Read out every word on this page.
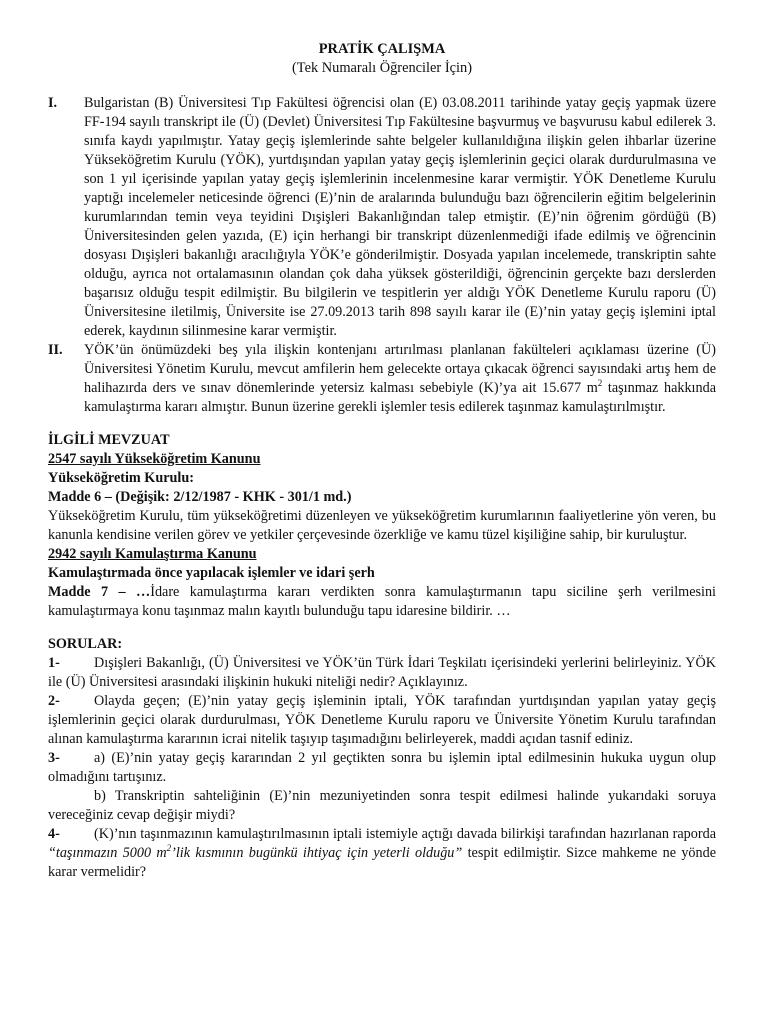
PRATİK ÇALIŞMA
(Tek Numaralı Öğrenciler İçin)
I.	Bulgaristan (B) Üniversitesi Tıp Fakültesi öğrencisi olan (E) 03.08.2011 tarihinde yatay geçiş yapmak üzere FF-194 sayılı transkript ile (Ü) (Devlet) Üniversitesi Tıp Fakültesine başvurmuş ve başvurusu kabul edilerek 3. sınıfa kaydı yapılmıştır. Yatay geçiş işlemlerinde sahte belgeler kullanıldığına ilişkin gelen ihbarlar üzerine Yükseköğretim Kurulu (YÖK), yurtdışından yapılan yatay geçiş işlemlerinin geçici olarak durdurulmasına ve son 1 yıl içerisinde yapılan yatay geçiş işlemlerinin incelenmesine karar vermiştir. YÖK Denetleme Kurulu yaptığı incelemeler neticesinde öğrenci (E)’nin de aralarında bulunduğu bazı öğrencilerin eğitim belgelerinin kurumlarından temin veya teyidini Dışişleri Bakanlığından talep etmiştir. (E)’nin öğrenim gördüğü (B) Üniversitesinden gelen yazıda, (E) için herhangi bir transkript düzenlenmediği ifade edilmiş ve öğrencinin dosyası Dışişleri bakanlığı aracılığıyla YÖK’e gönderilmiştir. Dosyada yapılan incelemede, transkriptin sahte olduğu, ayrıca not ortalamasının olandan çok daha yüksek gösterildiği, öğrencinin gerçekte bazı derslerden başarısız olduğu tespit edilmiştir. Bu bilgilerin ve tespitlerin yer aldığı YÖK Denetleme Kurulu raporu (Ü) Üniversitesine iletilmiş, Üniversite ise 27.09.2013 tarih 898 sayılı karar ile (E)’nin yatay geçiş işlemini iptal ederek, kaydının silinmesine karar vermiştir.
II.	YÖK’ün önümüzdeki beş yıla ilişkin kontenjanı artırılması planlanan fakülteleri açıklaması üzerine (Ü) Üniversitesi Yönetim Kurulu, mevcut amfilerin hem gelecekte ortaya çıkacak öğrenci sayısındaki artış hem de halihazırda ders ve sınav dönemlerinde yetersiz kalması sebebiyle (K)’ya ait 15.677 $m^2$ taşınmaz hakkında kamulaştırma kararı almıştır. Bunun üzerine gerekli işlemler tesis edilerek taşınmaz kamulaştırılmıştır.
İLGİLİ MEVZUAT
2547 sayılı Yükseköğretim Kanunu
Yükseköğretim Kurulu:
Madde 6 – (Değişik: 2/12/1987 - KHK - 301/1 md.)
Yükseköğretim Kurulu, tüm yükseköğretimi düzenleyen ve yükseköğretim kurumlarının faaliyetlerine yön veren, bu kanunla kendisine verilen görev ve yetkiler çerçevesinde özerkliğe ve kamu tüzel kişiliğine sahip, bir kuruluştur.
2942 sayılı Kamulaştırma Kanunu
Kamulaştırmada önce yapılacak işlemler ve idari şerh
Madde 7 – …İdare kamulaştırma kararı verdikten sonra kamulaştırmanın tapu siciline şerh verilmesini kamulaştırmaya konu taşınmaz malın kayıtlı bulunduğu tapu idaresine bildirir. …
SORULAR:
1- Dışişleri Bakanlığı, (Ü) Üniversitesi ve YÖK’ün Türk İdari Teşkilatı içerisindeki yerlerini belirleyiniz. YÖK ile (Ü) Üniversitesi arasındaki ilişkinin hukuki niteliği nedir? Açıklayınız.
2- Olayda geçen; (E)’nin yatay geçiş işleminin iptali, YÖK tarafından yurtdışından yapılan yatay geçiş işlemlerinin geçici olarak durdurulması, YÖK Denetleme Kurulu raporu ve Üniversite Yönetim Kurulu tarafından alınan kamulaştırma kararının icrai nitelik taşıyıp taşımadığını belirleyerek, maddi açıdan tasnif ediniz.
3- a) (E)’nin yatay geçiş kararından 2 yıl geçtikten sonra bu işlemin iptal edilmesinin hukuka uygun olup olmadığını tartışınız.
b) Transkriptin sahteliğinin (E)’nin mezuniyetinden sonra tespit edilmesi halinde yukarıdaki soruya vereceğiniz cevap değişir miydi?
4- (K)’nın taşınmazının kamulaştırılmasının iptali istemiyle açtığı davada bilirkişi tarafından hazırlanan raporda “taşınmazın 5000 $m^2’lik$ kısmının bugünkü ihtiyaç için yeterli olduğu” tespit edilmiştir. Sizce mahkeme ne yönde karar vermelidir?
